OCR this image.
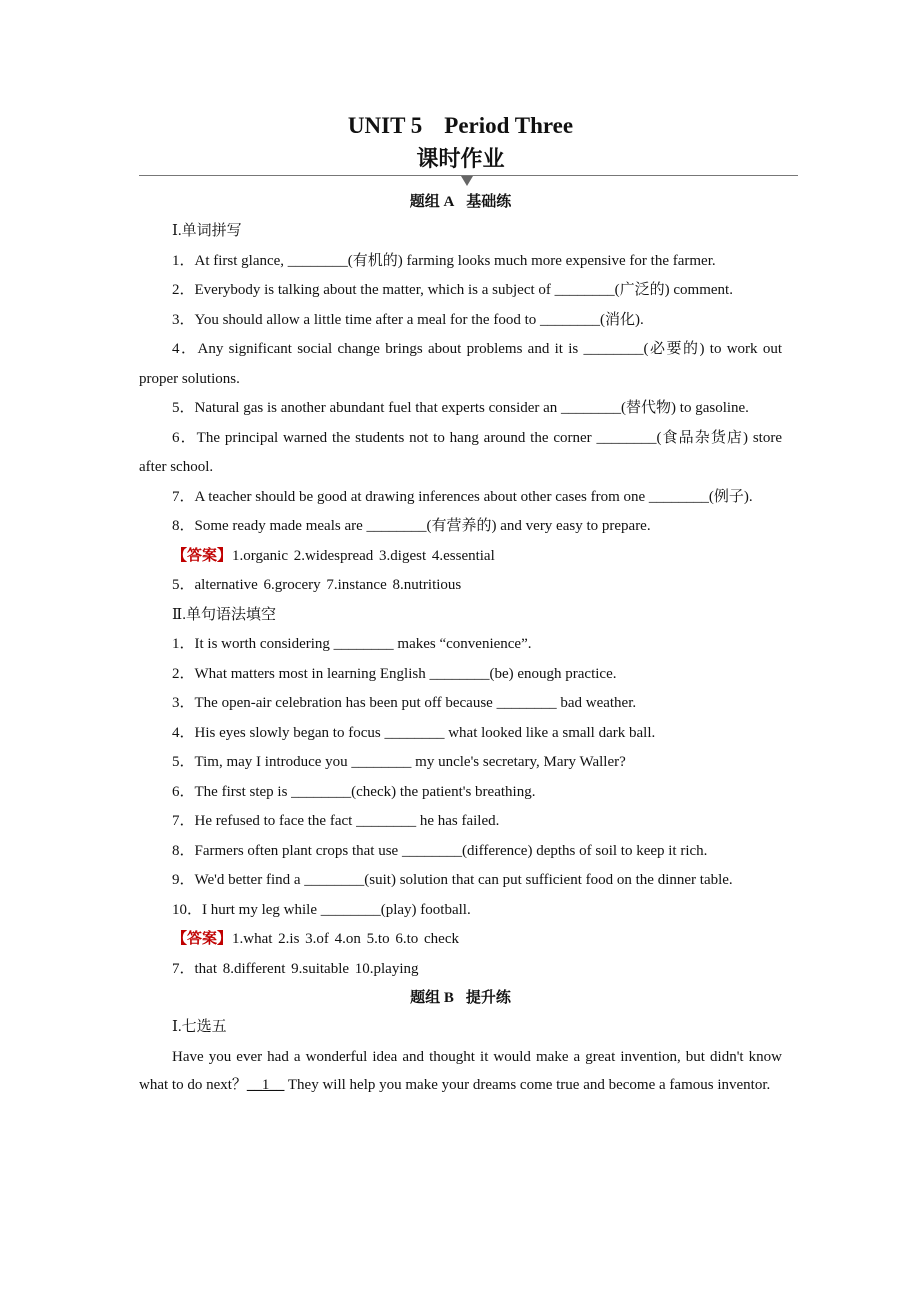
UNIT 5 Period Three
课时作业
题组 A 基础练
Ⅰ.单词拼写
1．At first glance, ________(有机的) farming looks much more expensive for the farmer.
2．Everybody is talking about the matter, which is a subject of ________(广泛的) comment.
3．You should allow a little time after a meal for the food to ________(消化).
4．Any significant social change brings about problems and it is ________(必要的) to work out proper solutions.
5．Natural gas is another abundant fuel that experts consider an ________(替代物) to gasoline.
6．The principal warned the students not to hang around the corner ________(食品杂货店) store after school.
7．A teacher should be good at drawing inferences about other cases from one ________(例子).
8．Some ready made meals are ________(有营养的) and very easy to prepare.
【答案】1.organic 2.widespread 3.digest 4.essential
5．alternative 6.grocery 7.instance 8.nutritious
Ⅱ.单句语法填空
1．It is worth considering ________ makes “convenience”.
2．What matters most in learning English ________(be) enough practice.
3．The open-air celebration has been put off because ________ bad weather.
4．His eyes slowly began to focus ________ what looked like a small dark ball.
5．Tim, may I introduce you ________ my uncle's secretary, Mary Waller?
6．The first step is ________(check) the patient's breathing.
7．He refused to face the fact ________ he has failed.
8．Farmers often plant crops that use ________(difference) depths of soil to keep it rich.
9．We'd better find a ________(suit) solution that can put sufficient food on the dinner table.
10．I hurt my leg while ________(play) football.
【答案】1.what 2.is 3.of 4.on 5.to 6.to check
7．that 8.different 9.suitable 10.playing
题组 B 提升练
Ⅰ.七选五
Have you ever had a wonderful idea and thought it would make a great invention, but didn't know what to do next？__1__ They will help you make your dreams come true and become a famous inventor.
